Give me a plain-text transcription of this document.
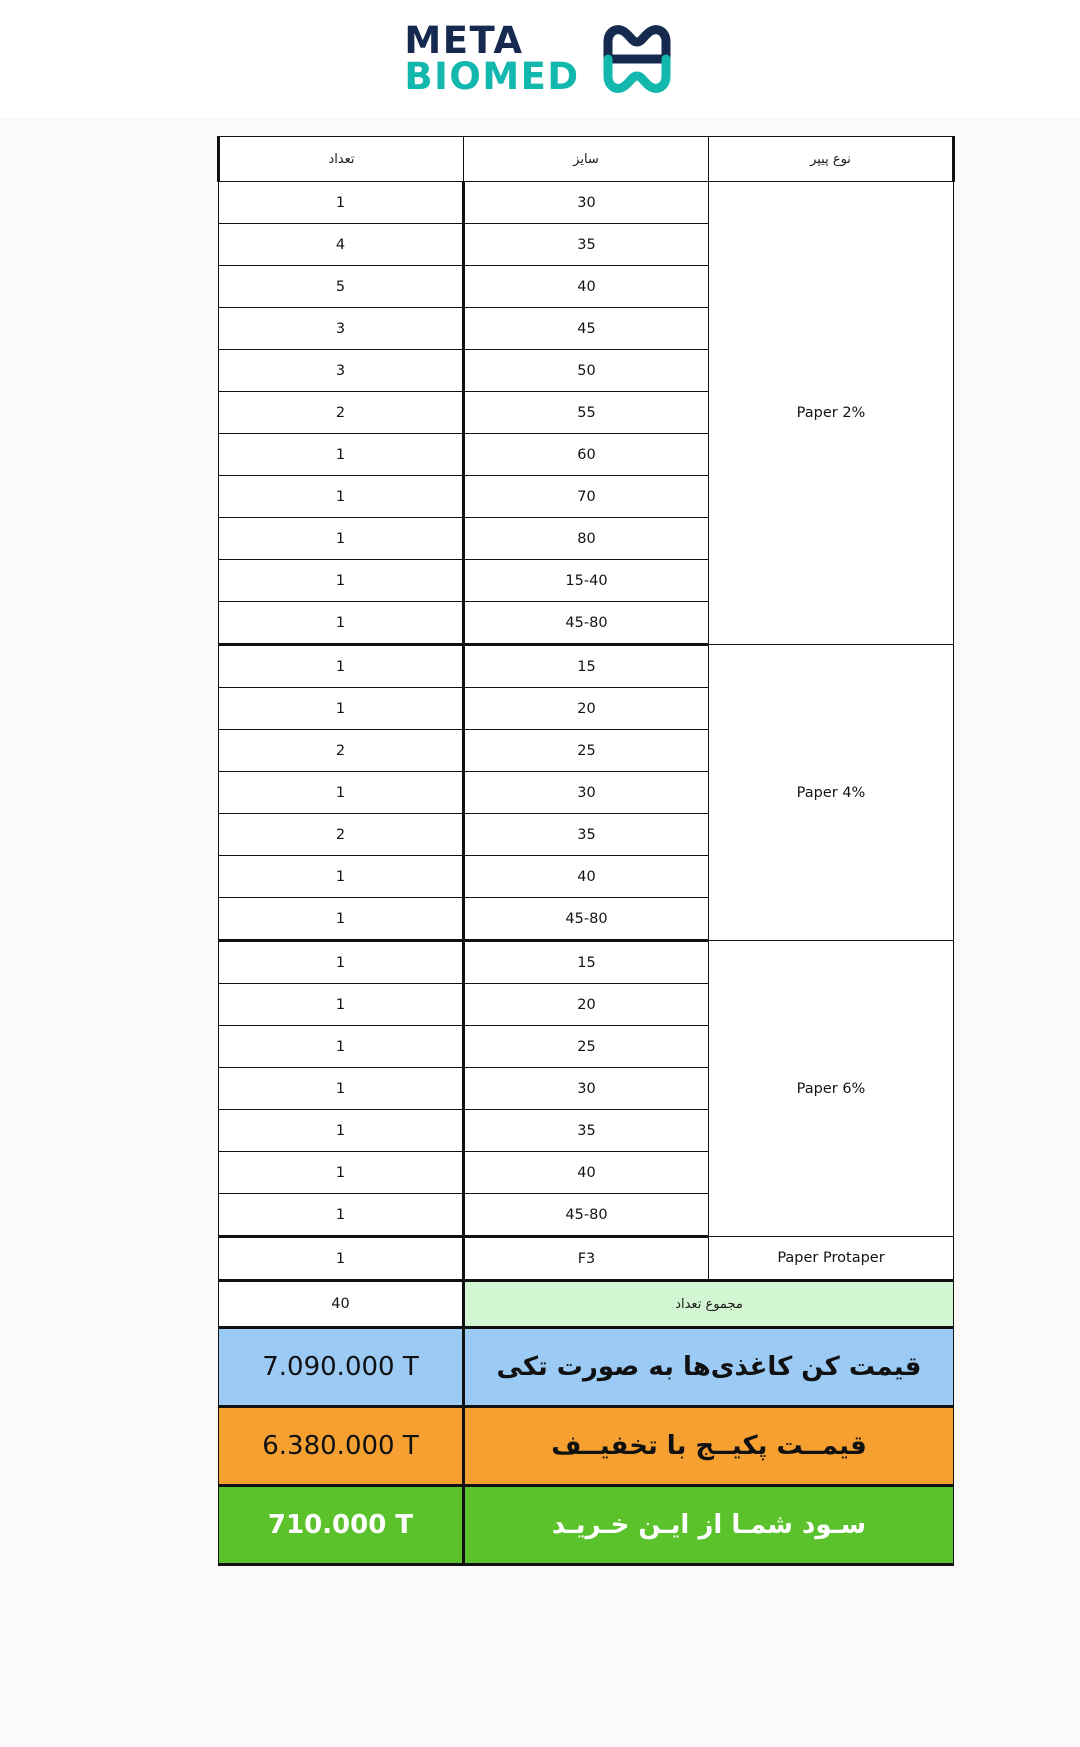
META
BIOMED
نوع پیپر	سایز	تعداد
Paper 2%	30	1
	35	4
	40	5
	45	3
	50	3
	55	2
	60	1
	70	1
	80	1
	15-40	1
	45-80	1
Paper 4%	15	1
	20	1
	25	2
	30	1
	35	2
	40	1
	45-80	1
Paper 6%	15	1
	20	1
	25	1
	30	1
	35	1
	40	1
	45-80	1
Paper Protaper	F3	1
مجموع تعداد		40
قیمت کن کاغذی‌ها به صورت تکی		7.090.000 T
قیمــت پکیــج با تخفیــف		6.380.000 T
سـود شمـا از ایـن خـریـد		710.000 T
